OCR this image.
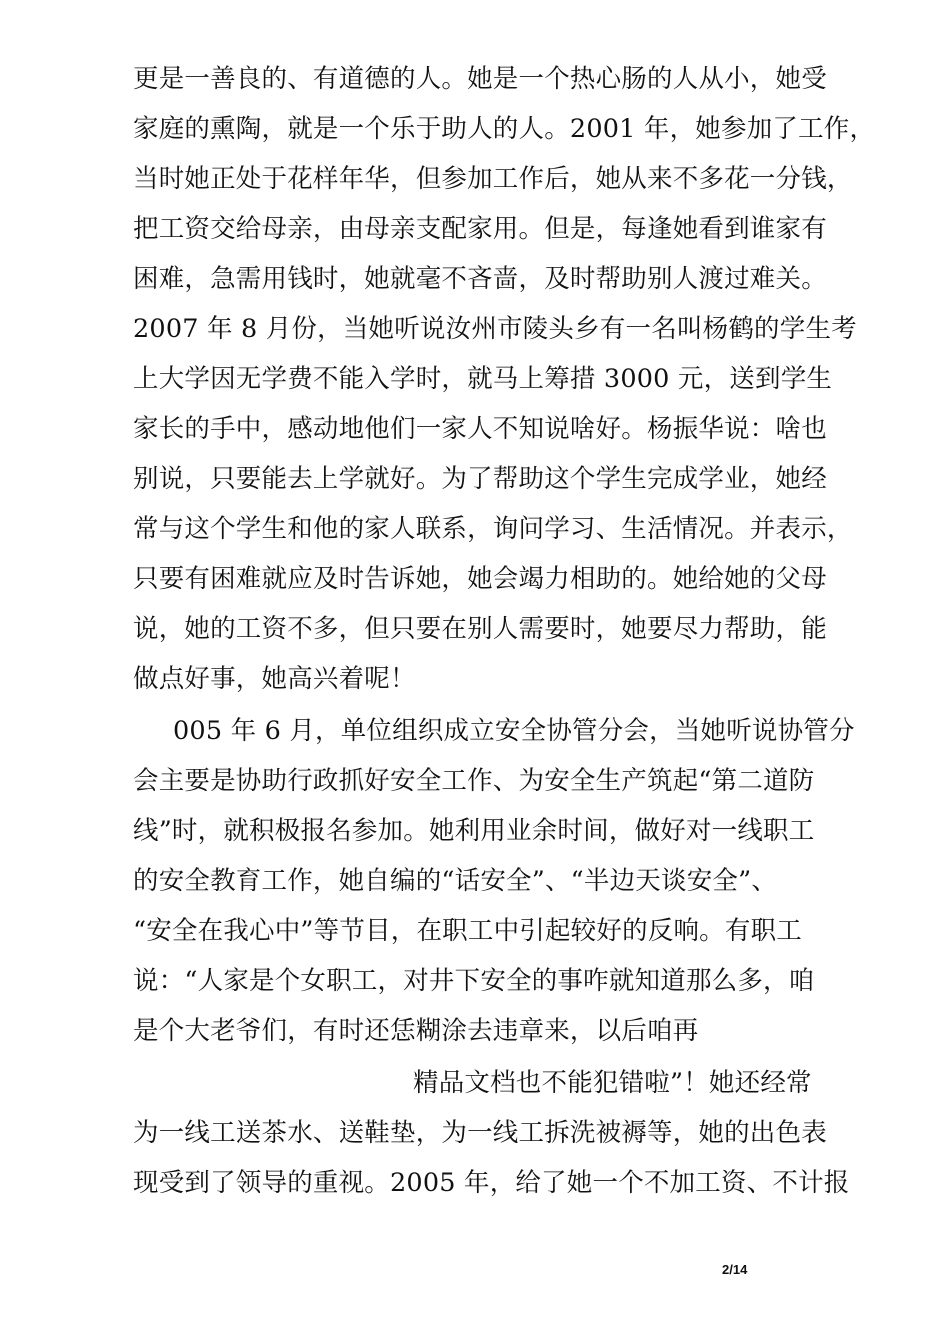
更是一善良的、有道德的人。她是一个热心肠的人从小，她受
家庭的熏陶，就是一个乐于助人的人。2001 年，她参加了工作，
当时她正处于花样年华，但参加工作后，她从来不多花一分钱，
把工资交给母亲，由母亲支配家用。但是，每逢她看到谁家有
困难，急需用钱时，她就毫不吝啬，及时帮助别人渡过难关。
2007 年 8 月份，当她听说汝州市陵头乡有一名叫杨鹤的学生考
上大学因无学费不能入学时，就马上筹措 3000 元，送到学生
家长的手中，感动地他们一家人不知说啥好。杨振华说：啥也
别说，只要能去上学就好。为了帮助这个学生完成学业，她经
常与这个学生和他的家人联系，询问学习、生活情况。并表示，
只要有困难就应及时告诉她，她会竭力相助的。她给她的父母
说，她的工资不多，但只要在别人需要时，她要尽力帮助，能
做点好事，她高兴着呢！
005 年 6 月，单位组织成立安全协管分会，当她听说协管分
会主要是协助行政抓好安全工作、为安全生产筑起“第二道防
线”时，就积极报名参加。她利用业余时间，做好对一线职工
的安全教育工作，她自编的“话安全”、“半边天谈安全”、
“安全在我心中”等节目，在职工中引起较好的反响。有职工
说：“人家是个女职工，对井下安全的事咋就知道那么多，咱
是个大老爷们，有时还恁糊涂去违章来，以后咱再
精品文档也不能犯错啦”！她还经常
为一线工送茶水、送鞋垫，为一线工拆洗被褥等，她的出色表
现受到了领导的重视。2005 年，给了她一个不加工资、不计报
2/14
